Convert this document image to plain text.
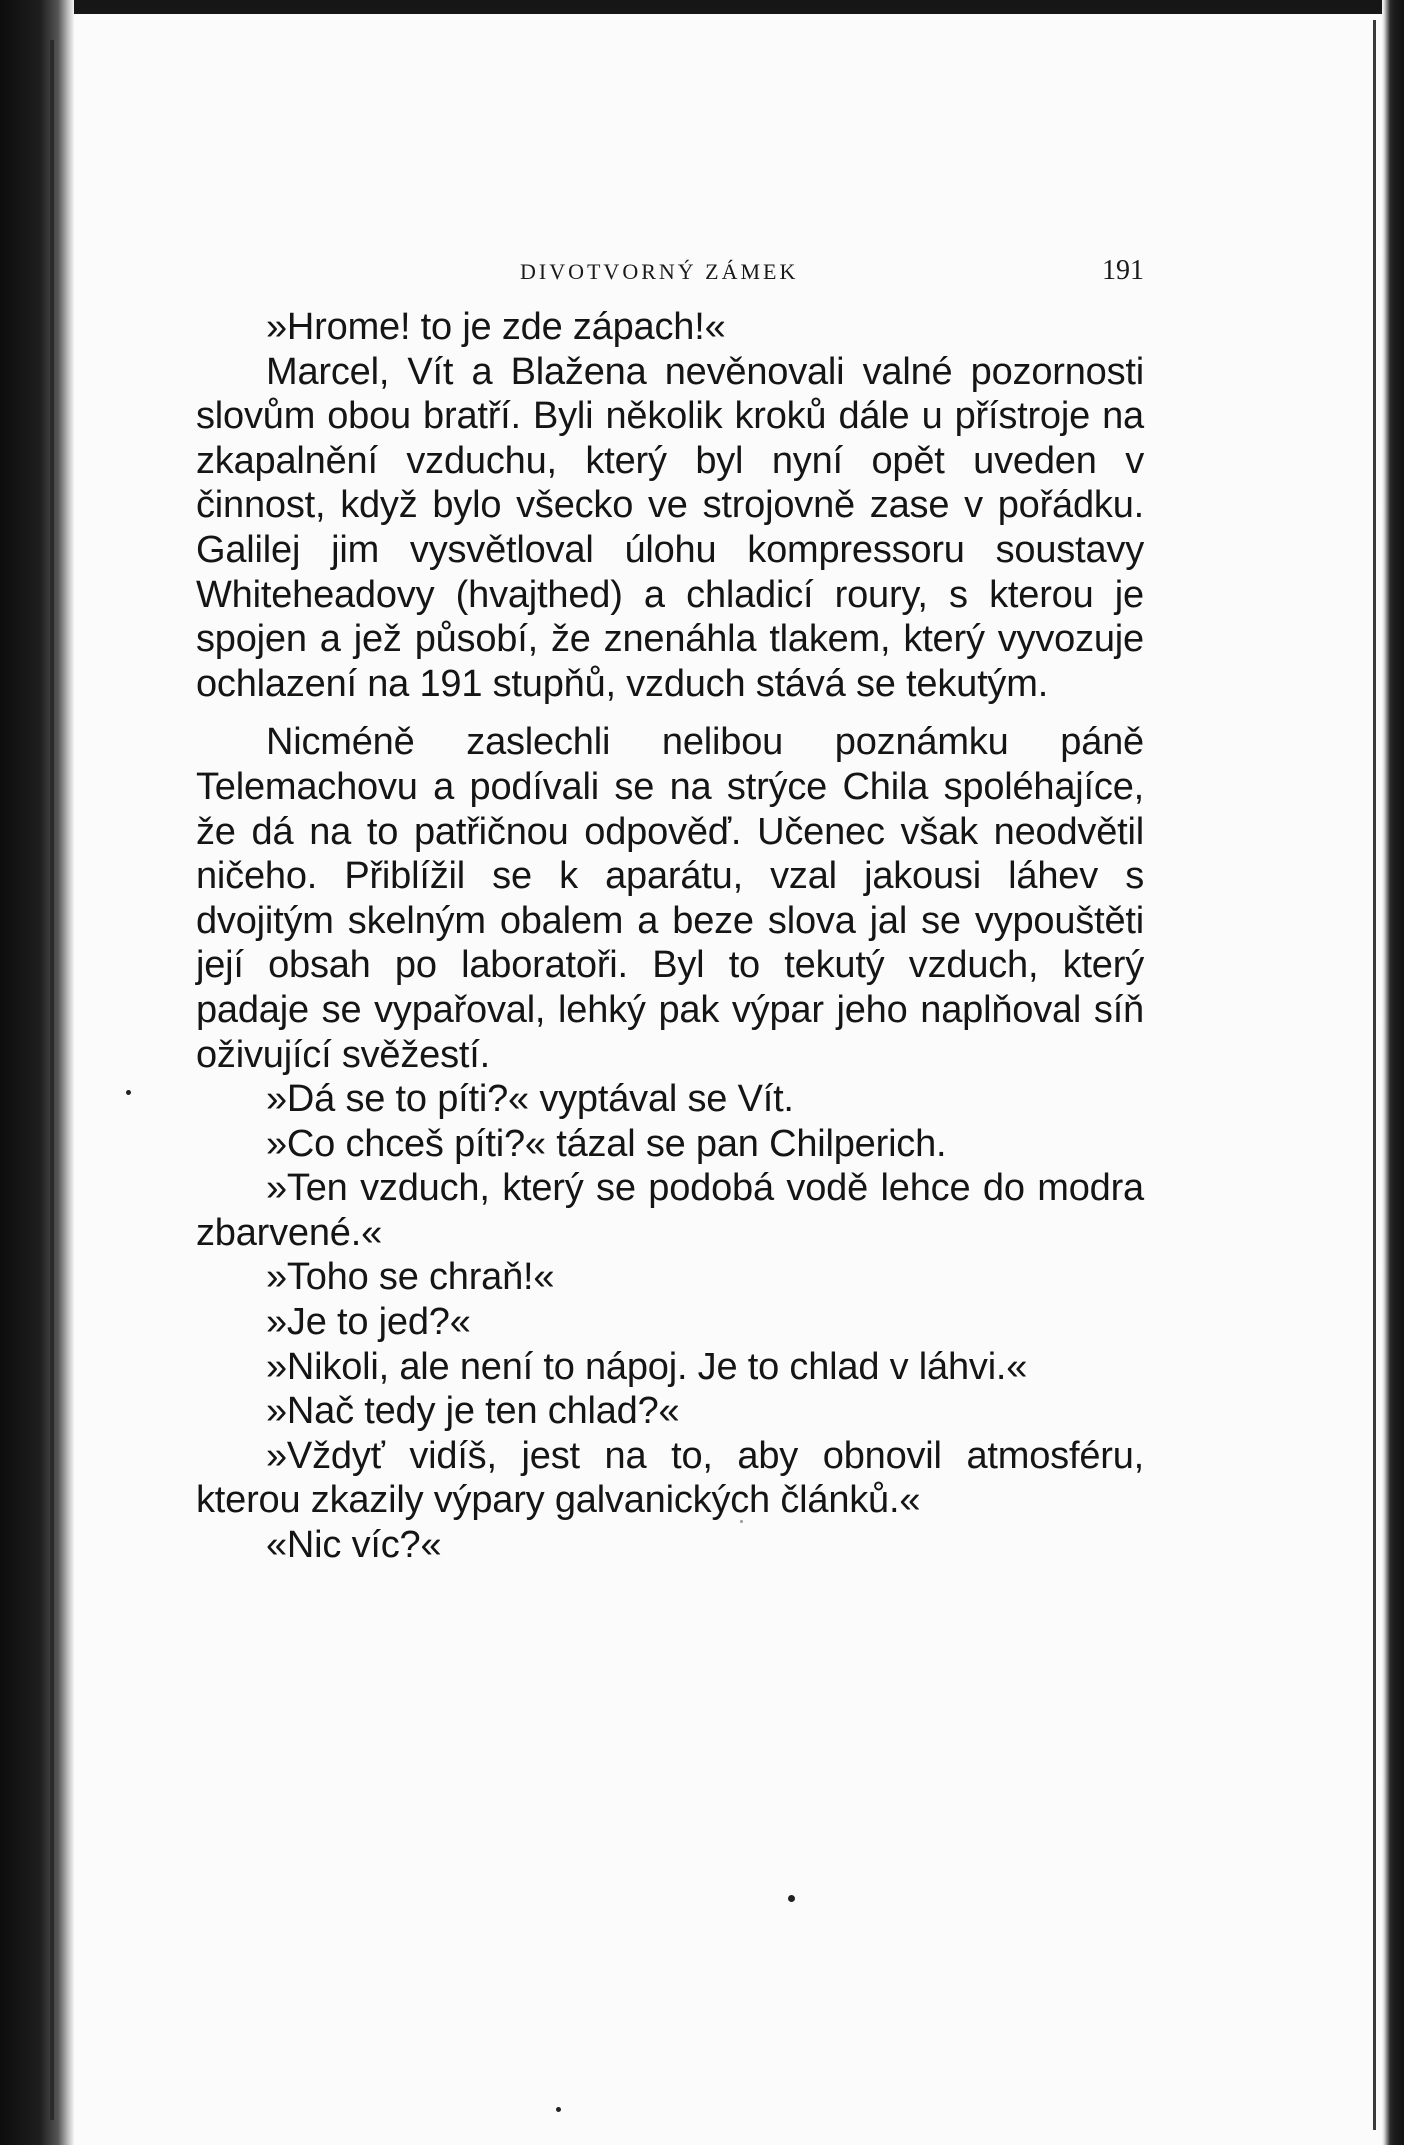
DIVOTVORNÝ ZÁMEK	191

»Hrome! to je zde zápach!«

Marcel, Vít a Blažena nevěnovali valné pozornosti slovům obou bratří. Byli několik kroků dále u přístroje na zkapalnění vzduchu, který byl nyní opět uveden v činnost, když bylo všecko ve strojovně zase v pořádku. Galilej jim vysvětloval úlohu kompressoru soustavy Whiteheadovy (hvajthed) a chladicí roury, s kterou je spojen a jež působí, že znenáhla tlakem, který vyvozuje ochlazení na 191 stupňů, vzduch stává se tekutým.

Nicméně zaslechli nelibou poznámku páně Telemachovu a podívali se na strýce Chila spoléhajíce, že dá na to patřičnou odpověď. Učenec však neodvětil ničeho. Přiblížil se k aparátu, vzal jakousi láhev s dvojitým skelným obalem a beze slova jal se vypouštěti její obsah po laboratoři. Byl to tekutý vzduch, který padaje se vypařoval, lehký pak výpar jeho naplňoval síň oživující svěžestí.

»Dá se to píti?« vyptával se Vít.

»Co chceš píti?« tázal se pan Chilperich.

»Ten vzduch, který se podobá vodě lehce do modra zbarvené.«

»Toho se chraň!«

»Je to jed?«

»Nikoli, ale není to nápoj. Je to chlad v láhvi.«

»Nač tedy je ten chlad?«

»Vždyť vidíš, jest na to, aby obnovil atmosféru, kterou zkazily výpary galvanických článků.«

«Nic víc?«
